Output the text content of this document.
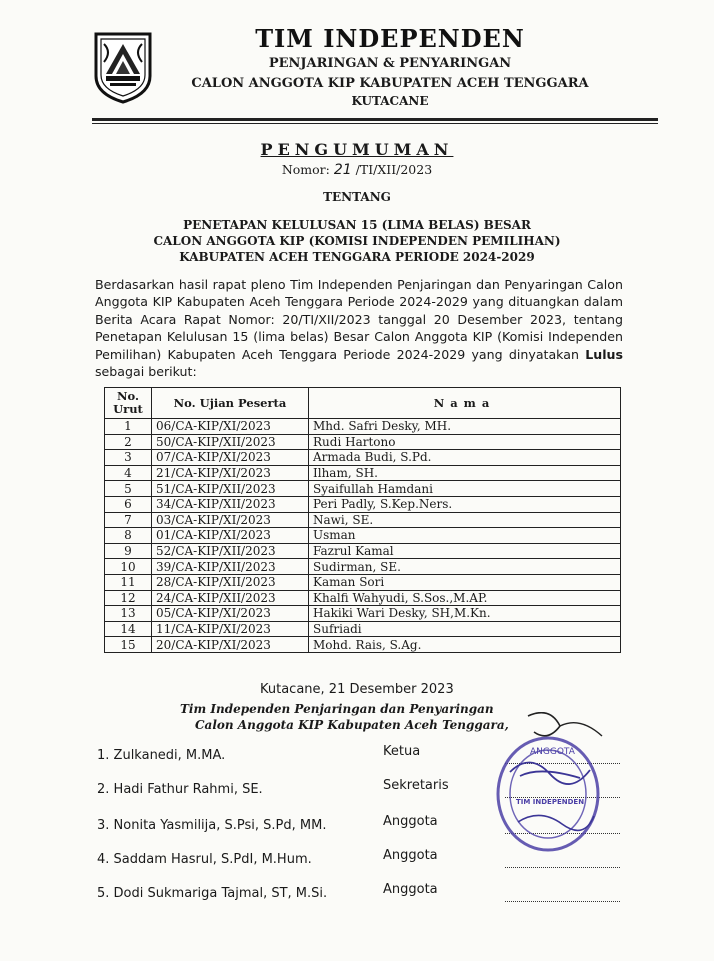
TIM INDEPENDEN
PENJARINGAN & PENYARINGAN
CALON ANGGOTA KIP KABUPATEN ACEH TENGGARA
KUTACANE
PENGUMUMAN
Nomor: 21 /TI/XII/2023
TENTANG
PENETAPAN KELULUSAN 15 (LIMA BELAS) BESAR
CALON ANGGOTA KIP (KOMISI INDEPENDEN PEMILIHAN)
KABUPATEN ACEH TENGGARA PERIODE 2024-2029
Berdasarkan hasil rapat pleno Tim Independen Penjaringan dan Penyaringan Calon Anggota KIP Kabupaten Aceh Tenggara Periode 2024-2029 yang dituangkan dalam Berita Acara Rapat Nomor: 20/TI/XII/2023 tanggal 20 Desember 2023, tentang Penetapan Kelulusan 15 (lima belas) Besar Calon Anggota KIP (Komisi Independen Pemilihan) Kabupaten Aceh Tenggara Periode 2024-2029 yang dinyatakan Lulus sebagai berikut:
No.
Urut	No. Ujian Peserta	Nama
1	06/CA-KIP/XI/2023	Mhd. Safri Desky, MH.
2	50/CA-KIP/XII/2023	Rudi Hartono
3	07/CA-KIP/XI/2023	Armada Budi, S.Pd.
4	21/CA-KIP/XI/2023	Ilham, SH.
5	51/CA-KIP/XII/2023	Syaifullah Hamdani
6	34/CA-KIP/XII/2023	Peri Padly, S.Kep.Ners.
7	03/CA-KIP/XI/2023	Nawi, SE.
8	01/CA-KIP/XI/2023	Usman
9	52/CA-KIP/XII/2023	Fazrul Kamal
10	39/CA-KIP/XII/2023	Sudirman, SE.
11	28/CA-KIP/XII/2023	Kaman Sori
12	24/CA-KIP/XII/2023	Khalfi Wahyudi, S.Sos.,M.AP.
13	05/CA-KIP/XI/2023	Hakiki Wari Desky, SH,M.Kn.
14	11/CA-KIP/XI/2023	Sufriadi
15	20/CA-KIP/XI/2023	Mohd. Rais, S.Ag.
Kutacane, 21 Desember 2023
Tim Independen Penjaringan dan Penyaringan
Calon Anggota KIP Kabupaten Aceh Tenggara,
1. Zulkanedi, M.MA.	Ketua
2. Hadi Fathur Rahmi, SE.	Sekretaris
3. Nonita Yasmilija, S.Psi, S.Pd, MM.	Anggota
4. Saddam Hasrul, S.PdI, M.Hum.	Anggota
5. Dodi Sukmariga Tajmal, ST, M.Si.	Anggota
ANGGOTA
TIM INDEPENDEN
